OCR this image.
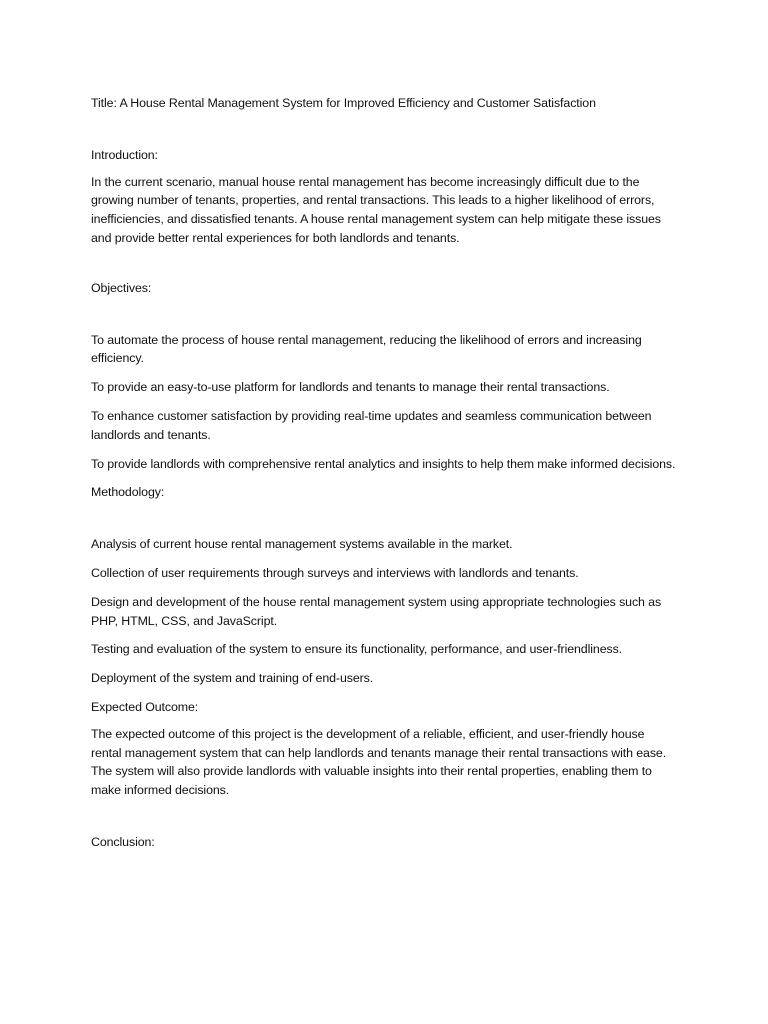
Title: A House Rental Management System for Improved Efficiency and Customer Satisfaction

Introduction:

In the current scenario, manual house rental management has become increasingly difficult due to the growing number of tenants, properties, and rental transactions. This leads to a higher likelihood of errors, inefficiencies, and dissatisfied tenants. A house rental management system can help mitigate these issues and provide better rental experiences for both landlords and tenants.

Objectives:

To automate the process of house rental management, reducing the likelihood of errors and increasing efficiency.

To provide an easy-to-use platform for landlords and tenants to manage their rental transactions.

To enhance customer satisfaction by providing real-time updates and seamless communication between landlords and tenants.

To provide landlords with comprehensive rental analytics and insights to help them make informed decisions.

Methodology:

Analysis of current house rental management systems available in the market.

Collection of user requirements through surveys and interviews with landlords and tenants.

Design and development of the house rental management system using appropriate technologies such as PHP, HTML, CSS, and JavaScript.

Testing and evaluation of the system to ensure its functionality, performance, and user-friendliness.

Deployment of the system and training of end-users.

Expected Outcome:

The expected outcome of this project is the development of a reliable, efficient, and user-friendly house rental management system that can help landlords and tenants manage their rental transactions with ease. The system will also provide landlords with valuable insights into their rental properties, enabling them to make informed decisions.

Conclusion:
